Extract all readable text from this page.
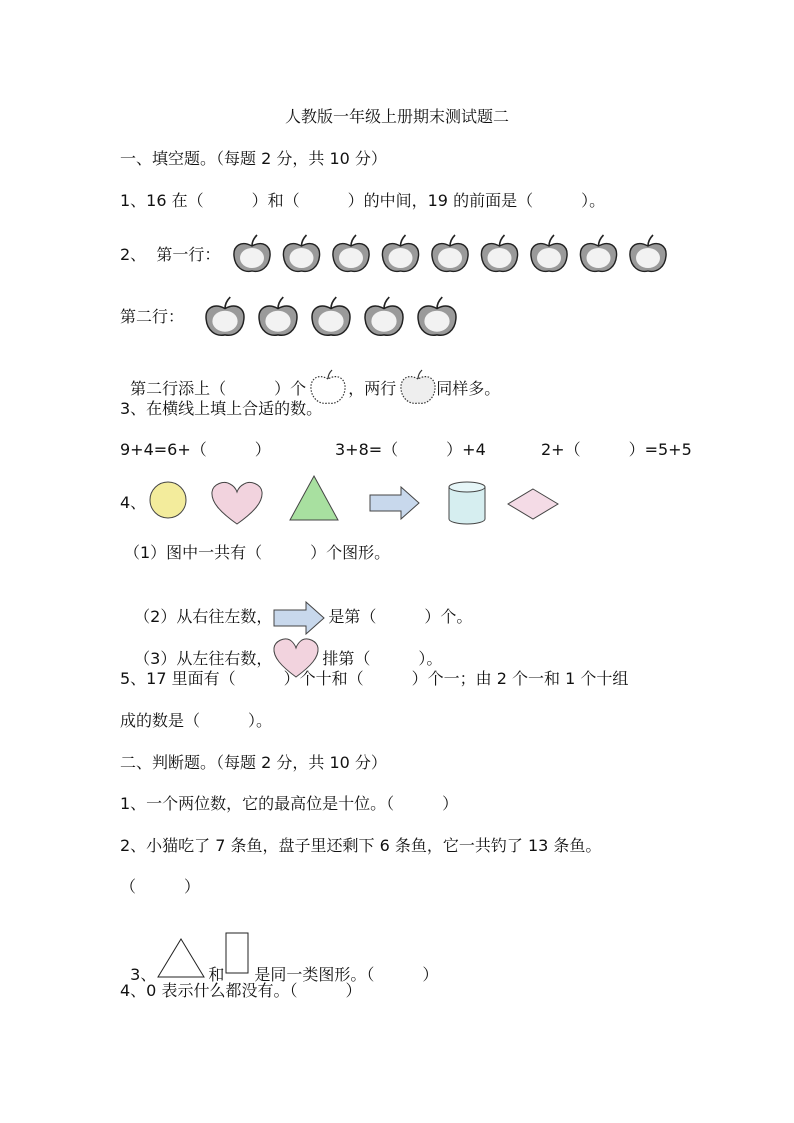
人教版一年级上册期末测试题二
一、填空题。（每题 2 分，共 10 分）
1、16 在（　　　）和（　　　）的中间，19 的前面是（　　　）。
2、  第一行：
第二行：

第二行添上（　　　）个	，两行	同样多。

3、在横线上填上合适的数。
9+4=6+（　　　）	3+8=（　　　）+4	2+（　　　）=5+5
4、
（1）图中一共有（　　　）个图形。

（2）从右往左数，	是第（　　　）个。

（3）从左往右数，	排第（　　　）。

5、17 里面有（　　　）个十和（　　　）个一；由 2 个一和 1 个十组
成的数是（　　　）。
二、判断题。（每题 2 分，共 10 分）
1、一个两位数，它的最高位是十位。（　　　）
2、小猫吃了 7 条鱼，盘子里还剩下 6 条鱼，它一共钓了 13 条鱼。
（　　　）

3、	和 是同一类图形。（　　　）

4、0 表示什么都没有。（　　　）
